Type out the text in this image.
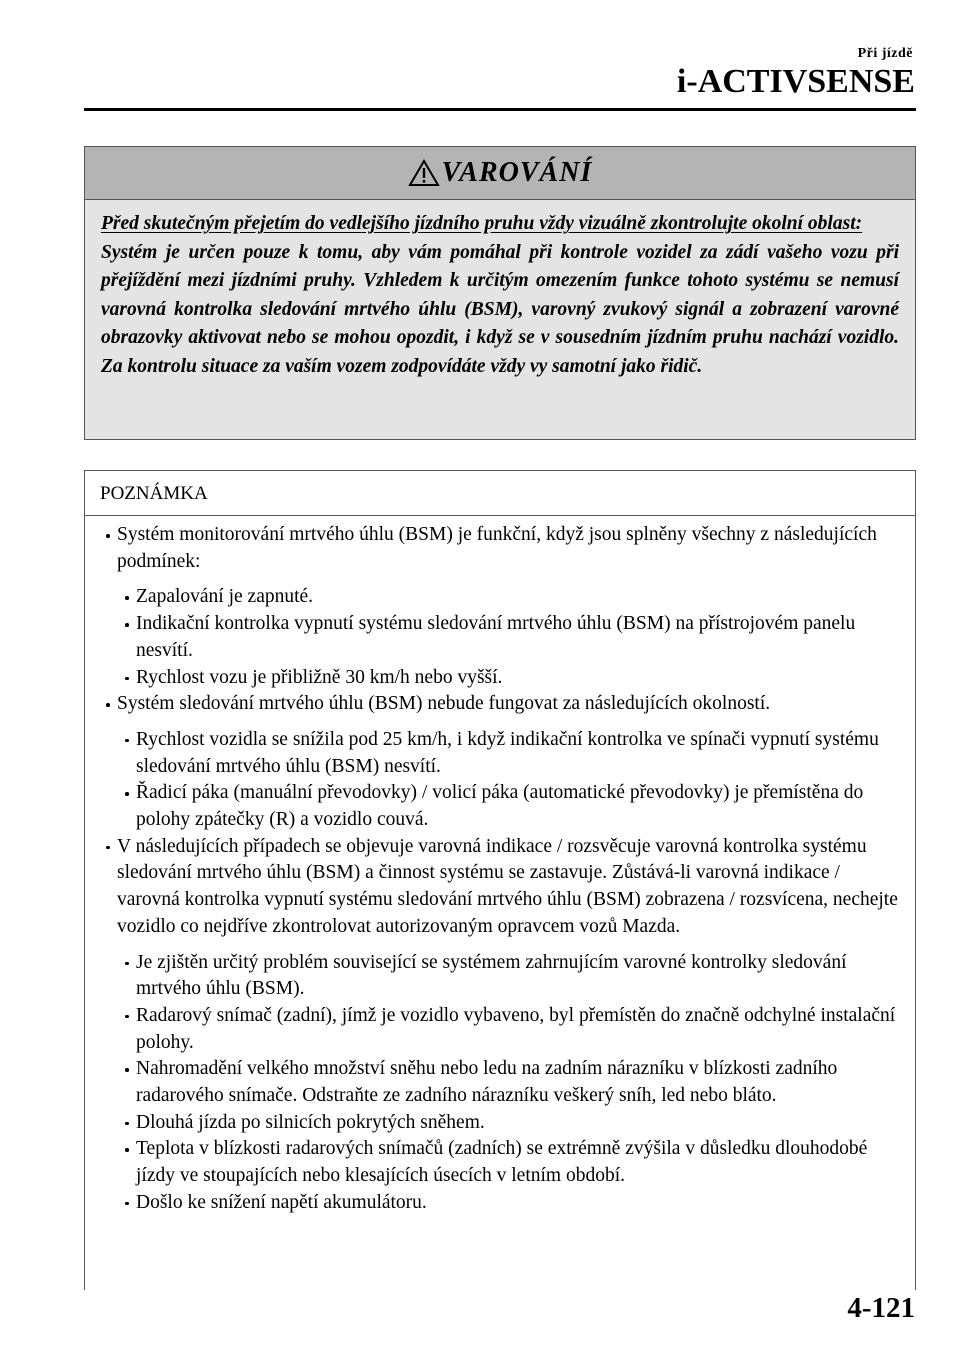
Při jízdě
i-ACTIVSENSE
VAROVÁNÍ
Před skutečným přejetím do vedlejšího jízdního pruhu vždy vizuálně zkontrolujte okolní oblast:
Systém je určen pouze k tomu, aby vám pomáhal při kontrole vozidel za zádí vašeho vozu při přejíždění mezi jízdními pruhy. Vzhledem k určitým omezením funkce tohoto systému se nemusí varovná kontrolka sledování mrtvého úhlu (BSM), varovný zvukový signál a zobrazení varovné obrazovky aktivovat nebo se mohou opozdit, i když se v sousedním jízdním pruhu nachází vozidlo. Za kontrolu situace za vaším vozem zodpovídáte vždy vy samotní jako řidič.
POZNÁMKA
Systém monitorování mrtvého úhlu (BSM) je funkční, když jsou splněny všechny z následujících podmínek:
Zapalování je zapnuté.
Indikační kontrolka vypnutí systému sledování mrtvého úhlu (BSM) na přístrojovém panelu nesvítí.
Rychlost vozu je přibližně 30 km/h nebo vyšší.
Systém sledování mrtvého úhlu (BSM) nebude fungovat za následujících okolností.
Rychlost vozidla se snížila pod 25 km/h, i když indikační kontrolka ve spínači vypnutí systému sledování mrtvého úhlu (BSM) nesvítí.
Řadicí páka (manuální převodovky) / volicí páka (automatické převodovky) je přemístěna do polohy zpátečky (R) a vozidlo couvá.
V následujících případech se objevuje varovná indikace / rozsvěcuje varovná kontrolka systému sledování mrtvého úhlu (BSM) a činnost systému se zastavuje. Zůstává-li varovná indikace / varovná kontrolka vypnutí systému sledování mrtvého úhlu (BSM) zobrazena / rozsvícena, nechejte vozidlo co nejdříve zkontrolovat autorizovaným opravcem vozů Mazda.
Je zjištěn určitý problém související se systémem zahrnujícím varovné kontrolky sledování mrtvého úhlu (BSM).
Radarový snímač (zadní), jímž je vozidlo vybaveno, byl přemístěn do značně odchylné instalační polohy.
Nahromadění velkého množství sněhu nebo ledu na zadním nárazníku v blízkosti zadního radarového snímače. Odstraňte ze zadního nárazníku veškerý sníh, led nebo bláto.
Dlouhá jízda po silnicích pokrytých sněhem.
Teplota v blízkosti radarových snímačů (zadních) se extrémně zvýšila v důsledku dlouhodobé jízdy ve stoupajících nebo klesajících úsecích v letním období.
Došlo ke snížení napětí akumulátoru.
4-121
